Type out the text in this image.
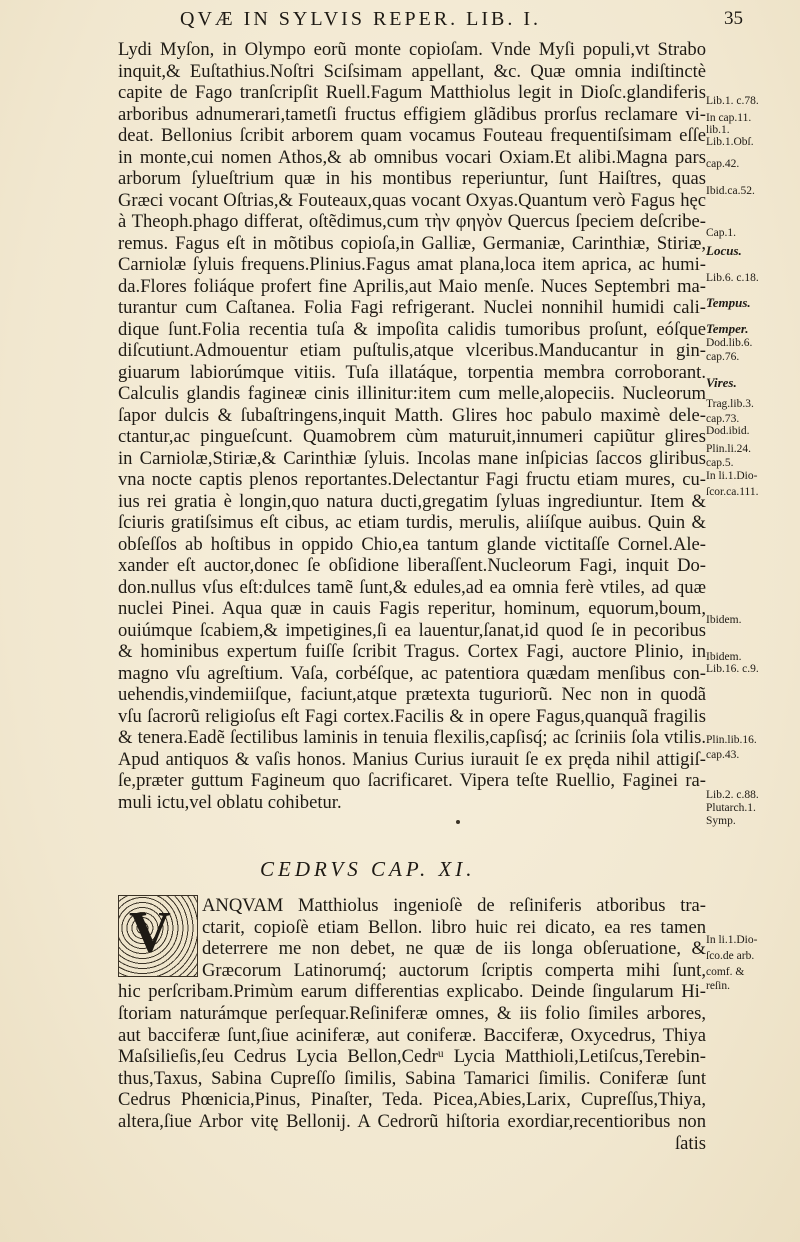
QVÆ IN SYLVIS REPER. LIB. I.	35
Lydi Myſon, in Olympo eorũ monte copioſam. Vnde Myſi populi,vt Strabo
inquit,& Euſtathius.Noſtri Sciſsimam appellant, &c. Quæ omnia indiſtinctè
capite de Fago tranſcripſit Ruell.Fagum Matthiolus legit in Dioſc.glandiferis
arboribus adnumerari,tametſi fructus effigiem glãdibus prorſus reclamare vi-
deat. Bellonius ſcribit arborem quam vocamus Fouteau frequentiſsimam eſſe
in monte,cui nomen Athos,& ab omnibus vocari Oxiam.Et alibi.Magna pars
arborum ſylueſtrium quæ in his montibus reperiuntur, ſunt Haiſtres, quas
Græci vocant Oſtrias,& Fouteaux,quas vocant Oxyas.Quantum verò Fagus hęc
à Theoph.phago differat, oſtẽdimus,cum τὴν φηγὸν Quercus ſpeciem deſcribe-
remus. Fagus eſt in mõtibus copioſa,in Galliæ, Germaniæ, Carinthiæ, Stiriæ,
Carniolæ ſyluis frequens.Plinius.Fagus amat plana,loca item aprica, ac humi-
da.Flores foliáque profert fine Aprilis,aut Maio menſe. Nuces Septembri ma-
turantur cum Caſtanea. Folia Fagi refrigerant. Nuclei nonnihil humidi cali-
dique ſunt.Folia recentia tuſa & impoſita calidis tumoribus proſunt, eóſque
diſcutiunt.Admouentur etiam puſtulis,atque vlceribus.Manducantur in gin-
giuarum labiorúmque vitiis. Tuſa illatáque, torpentia membra corroborant.
Calculis glandis fagineæ cinis illinitur:item cum melle,alopeciis. Nucleorum
ſapor dulcis & ſubaſtringens,inquit Matth. Glires hoc pabulo maximè dele-
ctantur,ac pingueſcunt. Quamobrem cùm maturuit,innumeri capiũtur glires
in Carniolæ,Stiriæ,& Carinthiæ ſyluis. Incolas mane inſpicias ſaccos gliribus
vna nocte captis plenos reportantes.Delectantur Fagi fructu etiam mures, cu-
ius rei gratia è longin,quo natura ducti,gregatim ſyluas ingrediuntur. Item &
ſciuris gratiſsimus eſt cibus, ac etiam turdis, merulis, aliíſque auibus. Quin &
obſeſſos ab hoſtibus in oppido Chio,ea tantum glande victitaſſe Cornel.Ale-
xander eſt auctor,donec ſe obſidione liberaſſent.Nucleorum Fagi, inquit Do-
don.nullus vſus eſt:dulces tamẽ ſunt,& edules,ad ea omnia ferè vtiles, ad quæ
nuclei Pinei. Aqua quæ in cauis Fagis reperitur, hominum, equorum,boum,
ouiúmque ſcabiem,& impetigines,ſi ea lauentur,ſanat,id quod ſe in pecoribus
& hominibus expertum fuiſſe ſcribit Tragus. Cortex Fagi, auctore Plinio, in
magno vſu agreſtium. Vaſa, corbéſque, ac patentiora quædam menſibus con-
uehendis,vindemiiſque, faciunt,atque prætexta tuguriorũ. Nec non in quodã
vſu ſacrorũ religioſus eſt Fagi cortex.Facilis & in opere Fagus,quanquã fragilis
& tenera.Eadẽ ſectilibus laminis in tenuia flexilis,capſisq́; ac ſcriniis ſola vtilis.
Apud antiquos & vaſis honos. Manius Curius iurauit ſe ex pręda nihil attigiſ-
ſe,præter guttum Fagineum quo ſacrificaret. Vipera teſte Ruellio, Faginei ra-
muli ictu,vel oblatu cohibetur.
Lib.1. c.78.
In cap.11.
lib.1.
Lib.1.Obſ.
cap.42.
Ibid.ca.52.
Cap.1.
Locus.
Lib.6. c.18.
Tempus.
Temper.
Dod.lib.6.
cap.76.
Vires.
Trag.lib.3.
cap.73.
Dod.ibid.
Plin.li.24.
cap.5.
In li.1.Dio-
ſcor.ca.111.
Ibidem.
Ibidem.
Lib.16. c.9.
Plin.lib.16.
cap.43.
Lib.2. c.88.
Plutarch.1.
Symp.
In li.1.Dio-
ſco.de arb.
comf. &
reſin.
CEDRVS CAP. XI.
V	ANQVAM Matthiolus ingenioſè de reſiniferis atboribus tra-
ctarit, copioſè etiam Bellon. libro huic rei dicato, ea res tamen
deterrere me non debet, ne quæ de iis longa obſeruatione, &
Græcorum Latinorumq́; auctorum ſcriptis comperta mihi ſunt,
hic perſcribam.Primùm earum differentias explicabo. Deinde ſingularum Hi-
ſtoriam naturámque perſequar.Reſiniferæ omnes, & iis folio ſimiles arbores,
aut bacciferæ ſunt,ſiue aciniferæ, aut coniferæ. Bacciferæ, Oxycedrus, Thiya
Maſsilieſis,ſeu Cedrus Lycia Bellon,Cedrᵘ Lycia Matthioli,Letiſcus,Terebin-
thus,Taxus, Sabina Cupreſſo ſimilis, Sabina Tamarici ſimilis. Coniferæ ſunt
Cedrus Phœnicia,Pinus, Pinaſter, Teda. Picea,Abies,Larix, Cupreſſus,Thiya,
altera,ſiue Arbor vitę Bellonij. A Cedrorũ hiſtoria exordiar,recentioribus non
ſatis
